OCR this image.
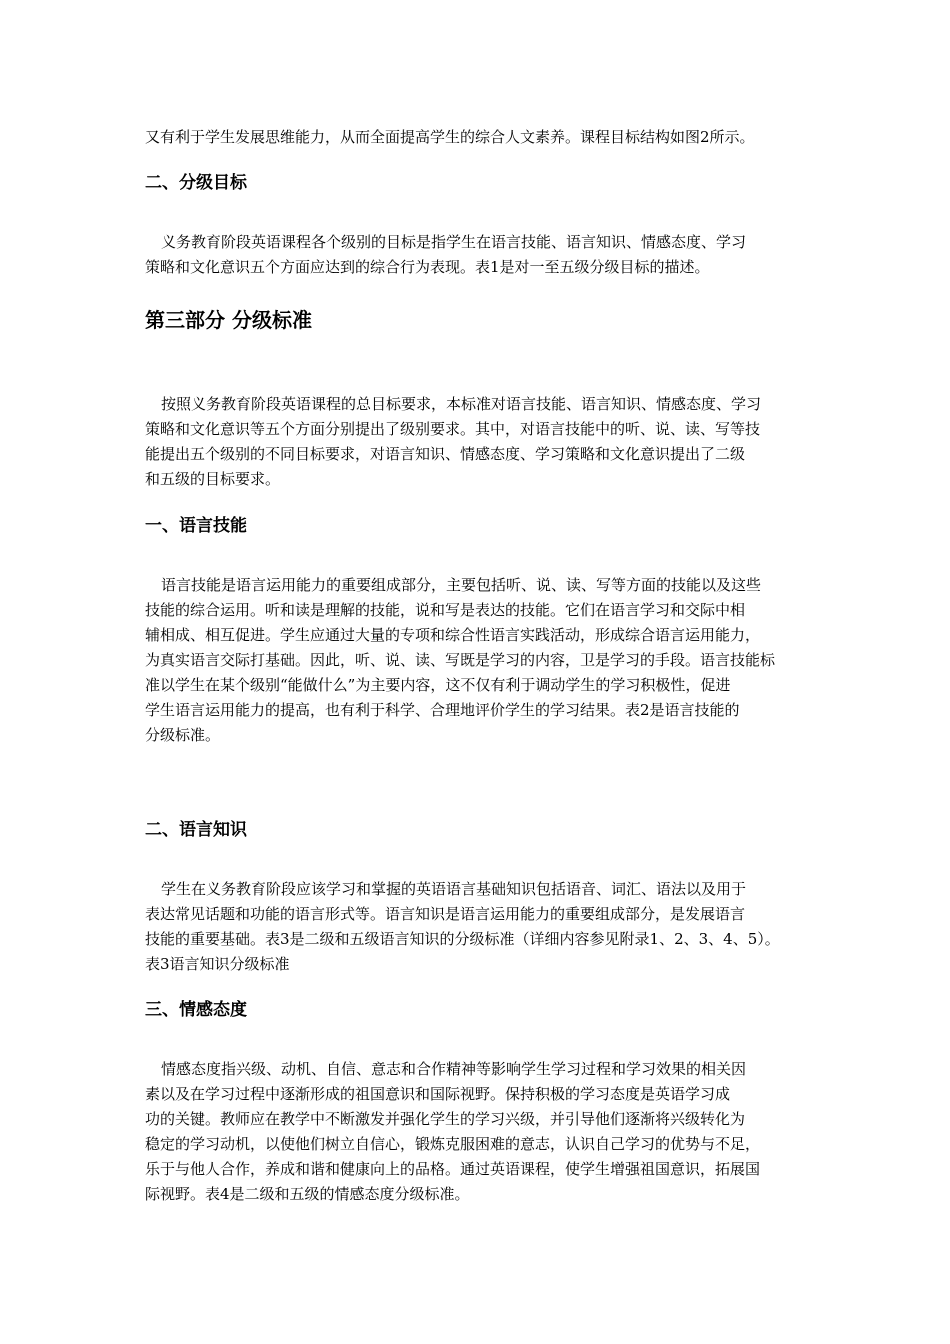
又有利于学生发展思维能力，从而全面提高学生的综合人文素养。课程目标结构如图2所示。
二、分级目标
义务教育阶段英语课程各个级别的目标是指学生在语言技能、语言知识、情感态度、学习
策略和文化意识五个方面应达到的综合行为表现。表1是对一至五级分级目标的描述。
第三部分 分级标准
按照义务教育阶段英语课程的总目标要求，本标准对语言技能、语言知识、情感态度、学习
策略和文化意识等五个方面分别提出了级别要求。其中，对语言技能中的听、说、读、写等技
能提出五个级别的不同目标要求，对语言知识、情感态度、学习策略和文化意识提出了二级
和五级的目标要求。
一、语言技能
语言技能是语言运用能力的重要组成部分，主要包括听、说、读、写等方面的技能以及这些
技能的综合运用。听和读是理解的技能，说和写是表达的技能。它们在语言学习和交际中相
辅相成、相互促进。学生应通过大量的专项和综合性语言实践活动，形成综合语言运用能力，
为真实语言交际打基础。因此，听、说、读、写既是学习的内容，卫是学习的手段。语言技能标
准以学生在某个级别“能做什么”为主要内容，这不仅有利于调动学生的学习积极性，促进
学生语言运用能力的提高，也有利于科学、合理地评价学生的学习结果。表2是语言技能的
分级标准。
二、语言知识
学生在义务教育阶段应该学习和掌握的英语语言基础知识包括语音、词汇、语法以及用于
表达常见话题和功能的语言形式等。语言知识是语言运用能力的重要组成部分，是发展语言
技能的重要基础。表3是二级和五级语言知识的分级标准（详细内容参见附录1、2、3、4、5）。
表3语言知识分级标准
三、情感态度
情感态度指兴级、动机、自信、意志和合作精神等影响学生学习过程和学习效果的相关因
素以及在学习过程中逐渐形成的祖国意识和国际视野。保持积极的学习态度是英语学习成
功的关键。教师应在教学中不断激发并强化学生的学习兴级，并引导他们逐渐将兴级转化为
稳定的学习动机，以使他们树立自信心，锻炼克服困难的意志，认识自己学习的优势与不足，
乐于与他人合作，养成和谐和健康向上的品格。通过英语课程，使学生增强祖国意识，拓展国
际视野。表4是二级和五级的情感态度分级标准。
